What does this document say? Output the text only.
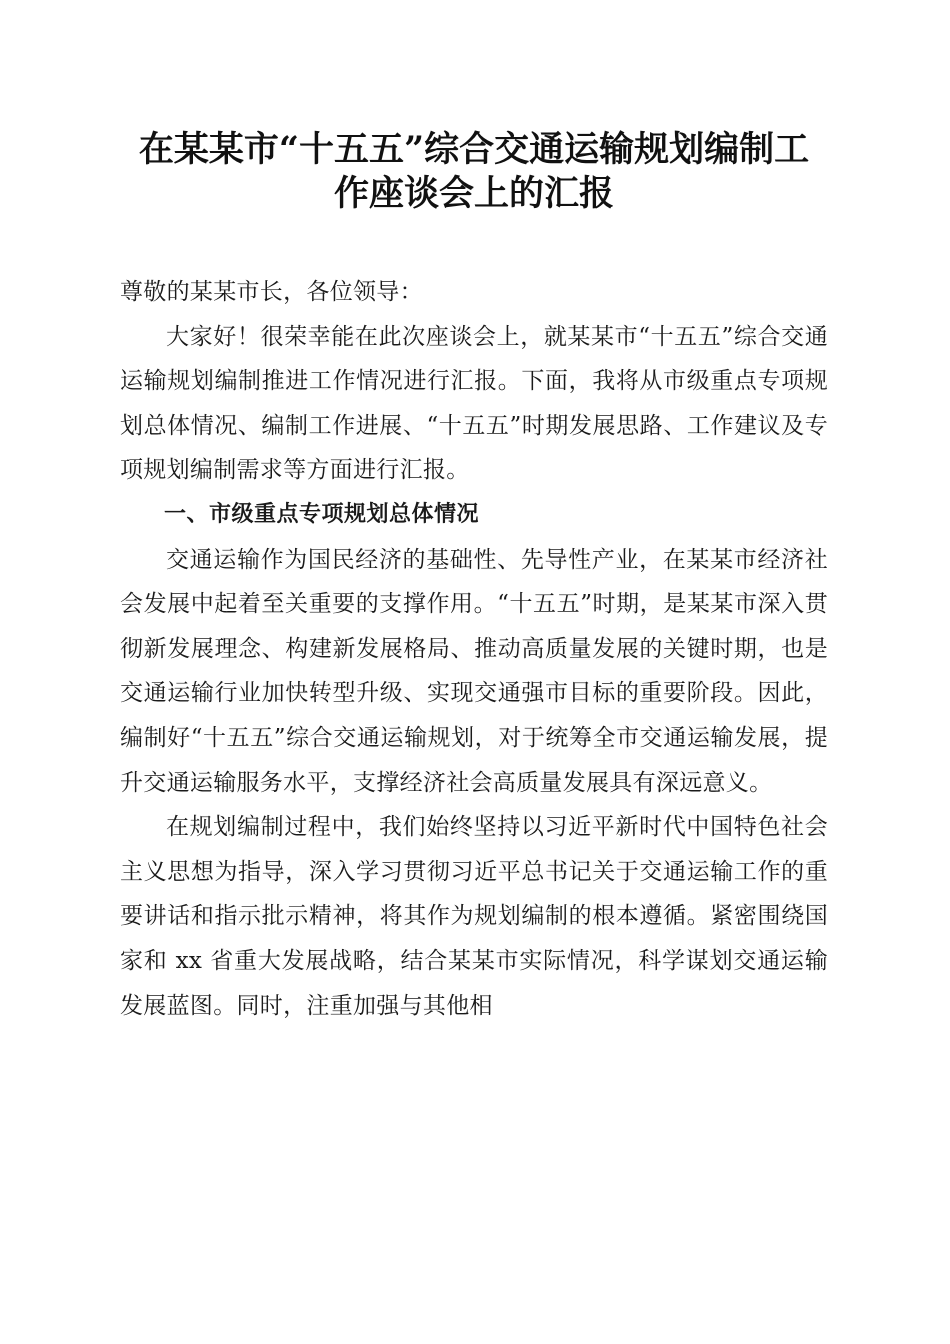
在某某市“十五五”综合交通运输规划编制工
作座谈会上的汇报

尊敬的某某市长，各位领导：

大家好！很荣幸能在此次座谈会上，就某某市“十五五”综合交通运输规划编制推进工作情况进行汇报。下面，我将从市级重点专项规划总体情况、编制工作进展、“十五五”时期发展思路、工作建议及专项规划编制需求等方面进行汇报。

一、市级重点专项规划总体情况

交通运输作为国民经济的基础性、先导性产业，在某某市经济社会发展中起着至关重要的支撑作用。“十五五”时期，是某某市深入贯彻新发展理念、构建新发展格局、推动高质量发展的关键时期，也是交通运输行业加快转型升级、实现交通强市目标的重要阶段。因此，编制好“十五五”综合交通运输规划，对于统筹全市交通运输发展，提升交通运输服务水平，支撑经济社会高质量发展具有深远意义。

在规划编制过程中，我们始终坚持以习近平新时代中国特色社会主义思想为指导，深入学习贯彻习近平总书记关于交通运输工作的重要讲话和指示批示精神，将其作为规划编制的根本遵循。紧密围绕国家和 xx 省重大发展战略，结合某某市实际情况，科学谋划交通运输发展蓝图。同时，注重加强与其他相
